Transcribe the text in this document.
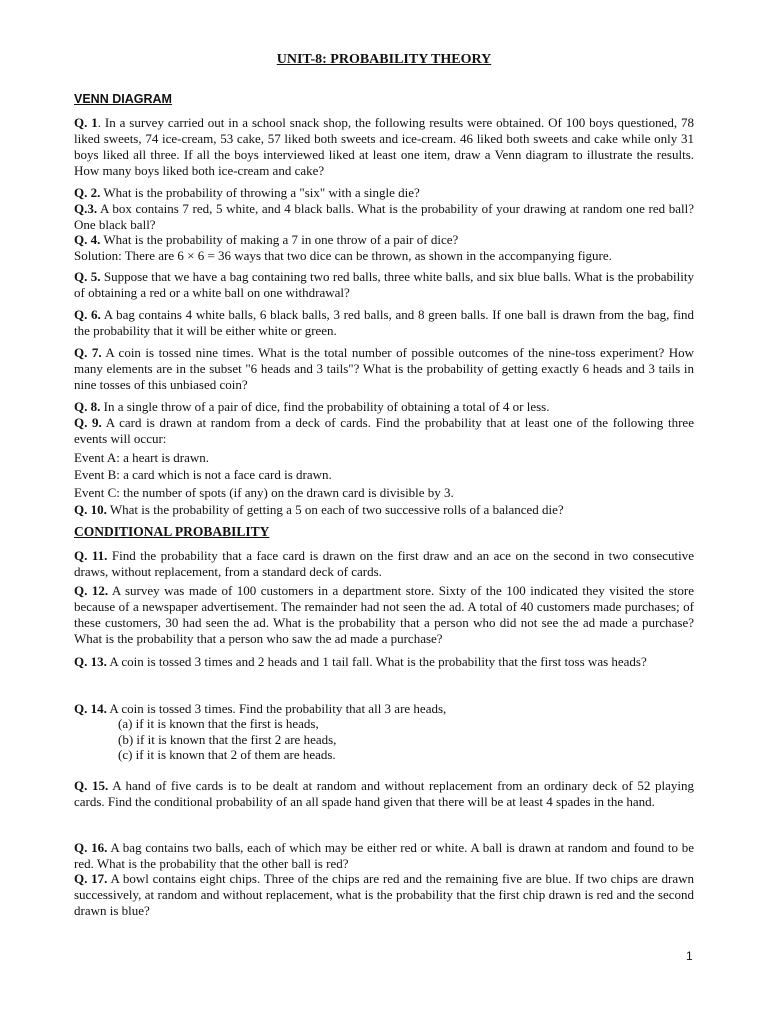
UNIT-8: PROBABILITY THEORY
VENN DIAGRAM
Q. 1. In a survey carried out in a school snack shop, the following results were obtained. Of 100 boys questioned, 78 liked sweets, 74 ice-cream, 53 cake, 57 liked both sweets and ice-cream. 46 liked both sweets and cake while only 31 boys liked all three. If all the boys interviewed liked at least one item, draw a Venn diagram to illustrate the results. How many boys liked both ice-cream and cake?
Q. 2. What is the probability of throwing a "six" with a single die?
Q.3. A box contains 7 red, 5 white, and 4 black balls. What is the probability of your drawing at random one red ball? One black ball?
Q. 4. What is the probability of making a 7 in one throw of a pair of dice?
Solution: There are 6 × 6 = 36 ways that two dice can be thrown, as shown in the accompanying figure.
Q. 5. Suppose that we have a bag containing two red balls, three white balls, and six blue balls. What is the probability of obtaining a red or a white ball on one withdrawal?
Q. 6. A bag contains 4 white balls, 6 black balls, 3 red balls, and 8 green balls. If one ball is drawn from the bag, find the probability that it will be either white or green.
Q. 7. A coin is tossed nine times. What is the total number of possible outcomes of the nine-toss experiment? How many elements are in the subset "6 heads and 3 tails"? What is the probability of getting exactly 6 heads and 3 tails in nine tosses of this unbiased coin?
Q. 8. In a single throw of a pair of dice, find the probability of obtaining a total of 4 or less.
Q. 9. A card is drawn at random from a deck of cards. Find the probability that at least one of the following three events will occur:
Event A: a heart is drawn.
Event B: a card which is not a face card is drawn.
Event C: the number of spots (if any) on the drawn card is divisible by 3.
Q. 10. What is the probability of getting a 5 on each of two successive rolls of a balanced die?
CONDITIONAL PROBABILITY
Q. 11. Find the probability that a face card is drawn on the first draw and an ace on the second in two consecutive draws, without replacement, from a standard deck of cards.
Q. 12. A survey was made of 100 customers in a department store. Sixty of the 100 indicated they visited the store because of a newspaper advertisement. The remainder had not seen the ad. A total of 40 customers made purchases; of these customers, 30 had seen the ad. What is the probability that a person who did not see the ad made a purchase? What is the probability that a person who saw the ad made a purchase?
Q. 13. A coin is tossed 3 times and 2 heads and 1 tail fall. What is the probability that the first toss was heads?
Q. 14. A coin is tossed 3 times. Find the probability that all 3 are heads,
(a) if it is known that the first is heads,
(b) if it is known that the first 2 are heads,
(c) if it is known that 2 of them are heads.
Q. 15. A hand of five cards is to be dealt at random and without replacement from an ordinary deck of 52 playing cards. Find the conditional probability of an all spade hand given that there will be at least 4 spades in the hand.
Q. 16. A bag contains two balls, each of which may be either red or white. A ball is drawn at random and found to be red. What is the probability that the other ball is red?
Q. 17. A bowl contains eight chips. Three of the chips are red and the remaining five are blue. If two chips are drawn successively, at random and without replacement, what is the probability that the first chip drawn is red and the second drawn is blue?
1
